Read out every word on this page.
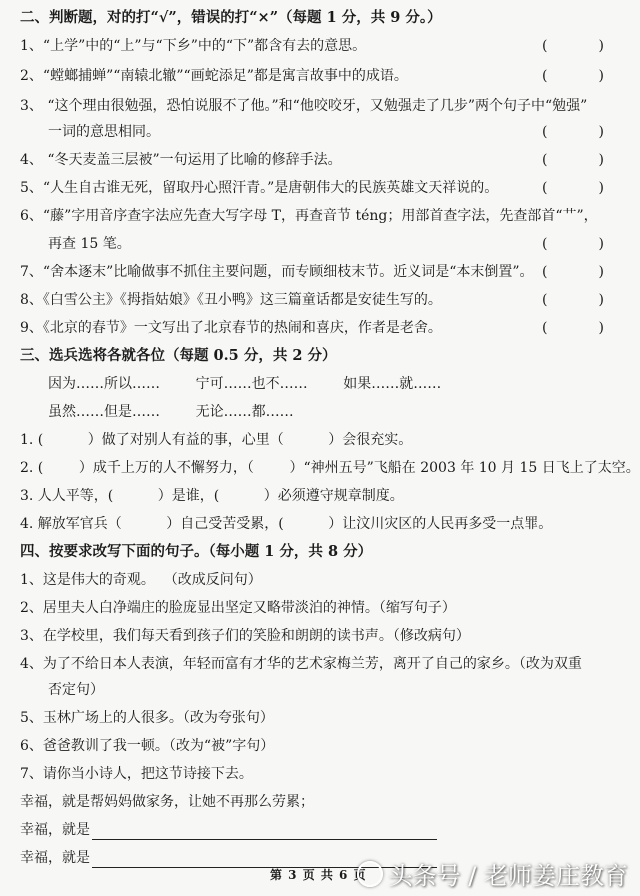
二、判断题，对的打“√”，错误的打“×”（每题 1 分，共 9 分。）
1、“上学”中的“上”与“下乡”中的“下”都含有去的意思。	(	)
2、“螳螂捕蝉”“南辕北辙”“画蛇添足”都是寓言故事中的成语。	(	)
3、 “这个理由很勉强，恐怕说服不了他。”和“他咬咬牙，又勉强走了几步”两个句子中“勉强”
一词的意思相同。	(	)
4、 “冬天麦盖三层被”一句运用了比喻的修辞手法。	(	)
5、“人生自古谁无死，留取丹心照汗青。”是唐朝伟大的民族英雄文天祥说的。	(	)
6、“藤”字用音序查字法应先查大写字母 T，再查音节 téng；用部首查字法，先查部首“艹”，
再查 15 笔。	(	)
7、“舍本逐末”比喻做事不抓住主要问题，而专顾细枝末节。近义词是“本末倒置”。 (	)
8、《白雪公主》《拇指姑娘》《丑小鸭》这三篇童话都是安徒生写的。	(	)
9、《北京的春节》一文写出了北京春节的热闹和喜庆，作者是老舍。	(	)
三、选兵选将各就各位（每题 0.5 分，共 2 分）
因为……所以……        宁可……也不……        如果……就……
虽然……但是……        无论……都……
1. (          ）做了对别人有益的事，心里（          ）会很充实。
2. (        ）成千上万的人不懈努力，（        ）“神州五号”飞船在 2003 年 10 月 15 日飞上了太空。
3. 人人平等，(          ）是谁，(          ）必须遵守规章制度。
4. 解放军官兵（          ）自己受苦受累，(          ）让汶川灾区的人民再多受一点罪。
四、按要求改写下面的句子。（每小题 1 分，共 8 分）
1、这是伟大的奇观。  （改成反问句）
2、居里夫人白净端庄的脸庞显出坚定又略带淡泊的神情。（缩写句子）
3、在学校里，我们每天看到孩子们的笑脸和朗朗的读书声。（修改病句）
4、为了不给日本人表演，年轻而富有才华的艺术家梅兰芳，离开了自己的家乡。（改为双重
否定句）
5、玉林广场上的人很多。（改为夸张句）
6、爸爸教训了我一顿。（改为“被”字句）
7、请你当小诗人，把这节诗接下去。
幸福，就是帮妈妈做家务，让她不再那么劳累；
幸福，就是
幸福，就是
第 3 页 共 6 页 头条号 / 老师姜庄教育
